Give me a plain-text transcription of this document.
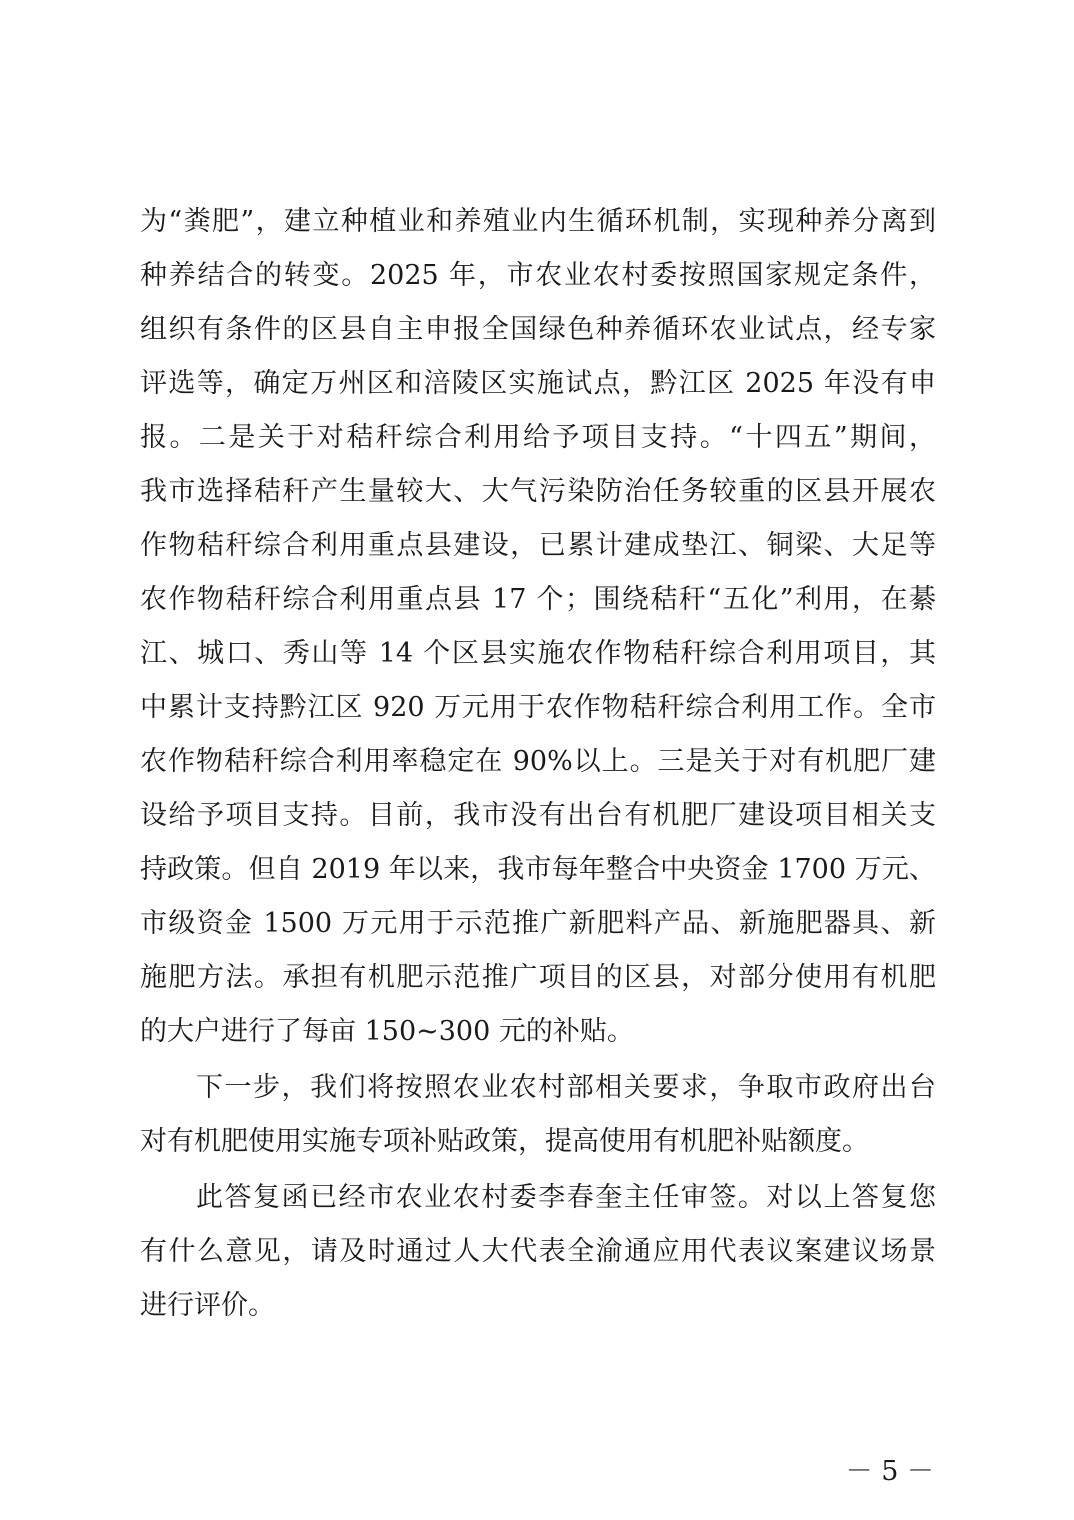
为“粪肥”，建立种植业和养殖业内生循环机制，实现种养分离到
种养结合的转变。2025 年，市农业农村委按照国家规定条件，
组织有条件的区县自主申报全国绿色种养循环农业试点，经专家
评选等，确定万州区和涪陵区实施试点，黔江区 2025 年没有申
报。二是关于对秸秆综合利用给予项目支持。“十四五”期间，
我市选择秸秆产生量较大、大气污染防治任务较重的区县开展农
作物秸秆综合利用重点县建设，已累计建成垫江、铜梁、大足等
农作物秸秆综合利用重点县 17 个；围绕秸秆“五化”利用，在綦
江、城口、秀山等 14 个区县实施农作物秸秆综合利用项目，其
中累计支持黔江区 920 万元用于农作物秸秆综合利用工作。全市
农作物秸秆综合利用率稳定在 90%以上。三是关于对有机肥厂建
设给予项目支持。目前，我市没有出台有机肥厂建设项目相关支
持政策。但自 2019 年以来，我市每年整合中央资金 1700 万元、
市级资金 1500 万元用于示范推广新肥料产品、新施肥器具、新
施肥方法。承担有机肥示范推广项目的区县，对部分使用有机肥
的大户进行了每亩 150~300 元的补贴。
下一步，我们将按照农业农村部相关要求，争取市政府出台
对有机肥使用实施专项补贴政策，提高使用有机肥补贴额度。
此答复函已经市农业农村委李春奎主任审签。对以上答复您
有什么意见，请及时通过人大代表全渝通应用代表议案建议场景
进行评价。
－ 5 －
